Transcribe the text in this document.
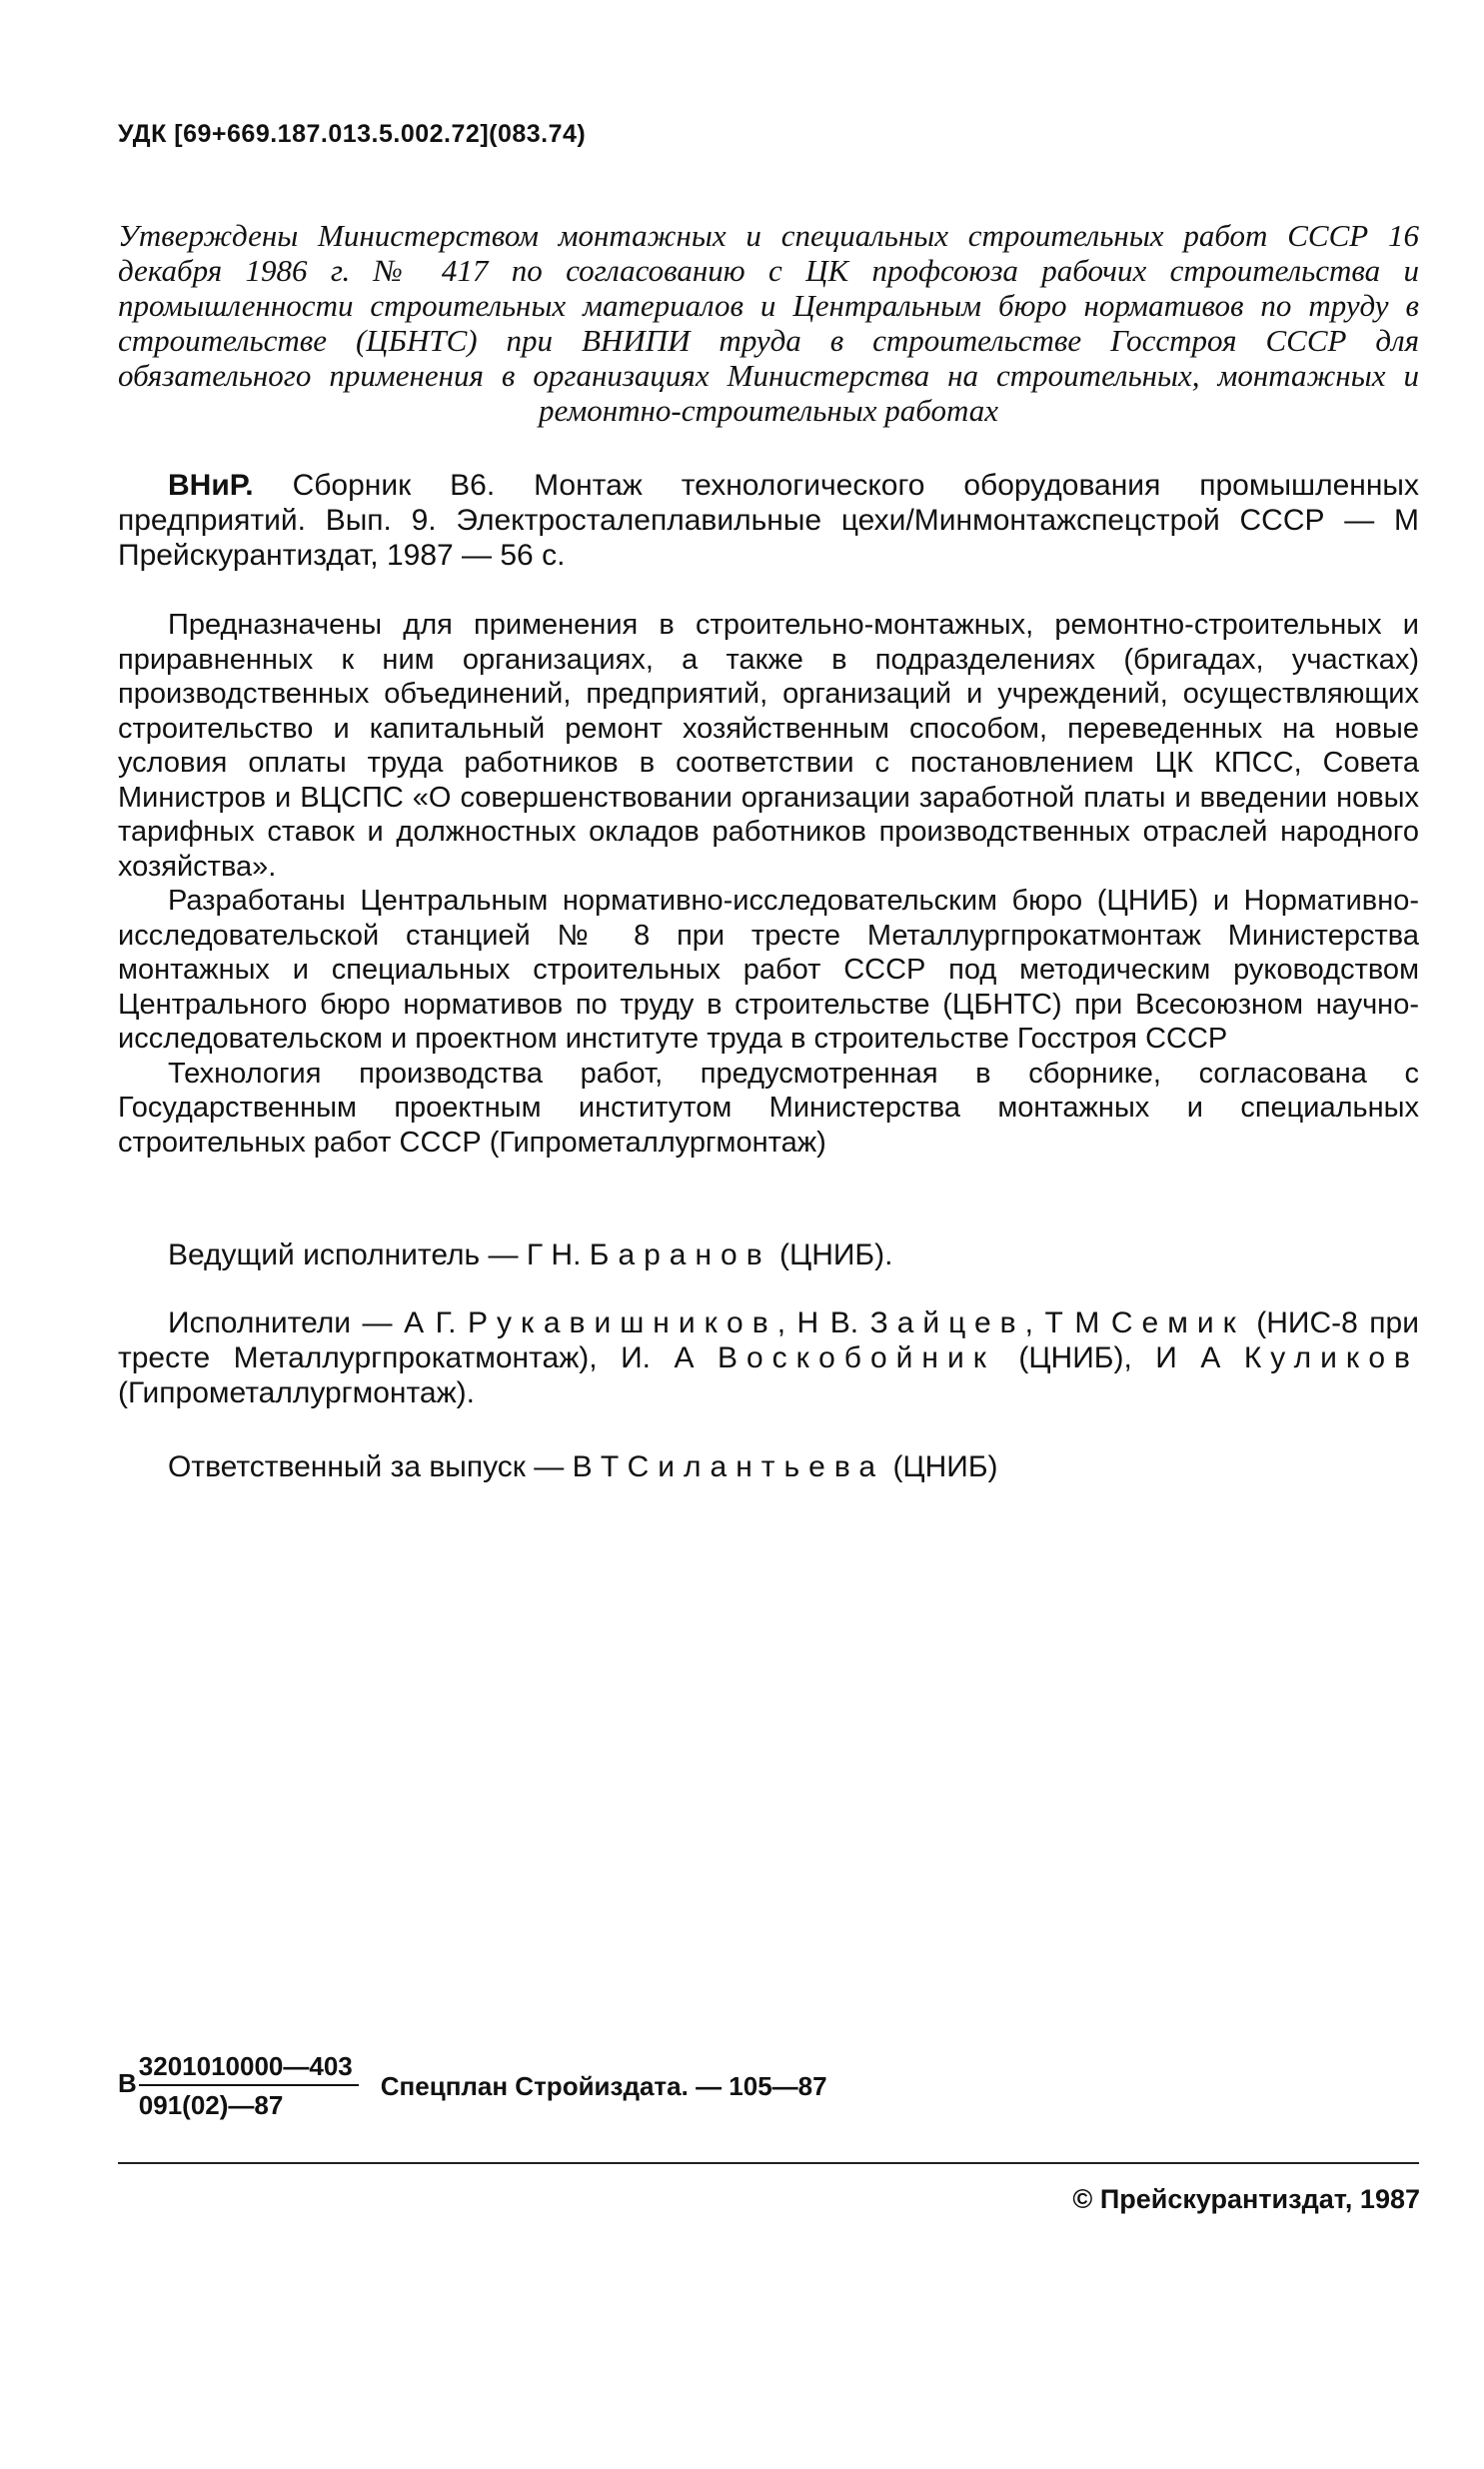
УДК [69+669.187.013.5.002.72](083.74)
Утверждены Министерством монтажных и специальных строительных работ СССР 16 декабря 1986 г. № 417 по согласованию с ЦК профсоюза рабочих строительства и промышленности строительных материалов и Центральным бюро нормативов по труду в строительстве (ЦБНТС) при ВНИПИ труда в строительстве Госстроя СССР для обязательного применения в организациях Министерства на строительных, монтажных и ремонтно-строительных работах
ВНиР. Сборник В6. Монтаж технологического оборудования промышленных предприятий. Вып. 9. Электросталеплавильные цехи/Минмонтажспецстрой СССР — М Прейскурантиздат, 1987 — 56 с.

Предназначены для применения в строительно-монтажных, ремонтно-строительных и приравненных к ним организациях, а также в подразделениях (бригадах, участках) производственных объединений, предприятий, организаций и учреждений, осуществляющих строительство и капитальный ремонт хозяйственным способом, переведенных на новые условия оплаты труда работников в соответствии с постановлением ЦК КПСС, Совета Министров и ВЦСПС «О совершенствовании организации заработной платы и введении новых тарифных ставок и должностных окладов работников производственных отраслей народного хозяйства».

Разработаны Центральным нормативно-исследовательским бюро (ЦНИБ) и Нормативно-исследовательской станцией № 8 при тресте Металлургпрокатмонтаж Министерства монтажных и специальных строительных работ СССР под методическим руководством Центрального бюро нормативов по труду в строительстве (ЦБНТС) при Всесоюзном научно-исследовательском и проектном институте труда в строительстве Госстроя СССР

Технология производства работ, предусмотренная в сборнике, согласована с Государственным проектным институтом Министерства монтажных и специальных строительных работ СССР (Гипрометаллургмонтаж)

Ведущий исполнитель — Г Н. Баранов (ЦНИБ).
Исполнители — А Г. Рукавишников, Н В. Зайцев, Т М Семик (НИС-8 при тресте Металлургпрокатмонтаж), И. А Воскобойник (ЦНИБ), И А Куликов (Гипрометаллургмонтаж).
Ответственный за выпуск — В Т Силантьева (ЦНИБ)
В $\frac{3201010000—403}{091(02)—87}$ Спецплан Стройиздата. — 105—87
© Прейскурантиздат, 1987
